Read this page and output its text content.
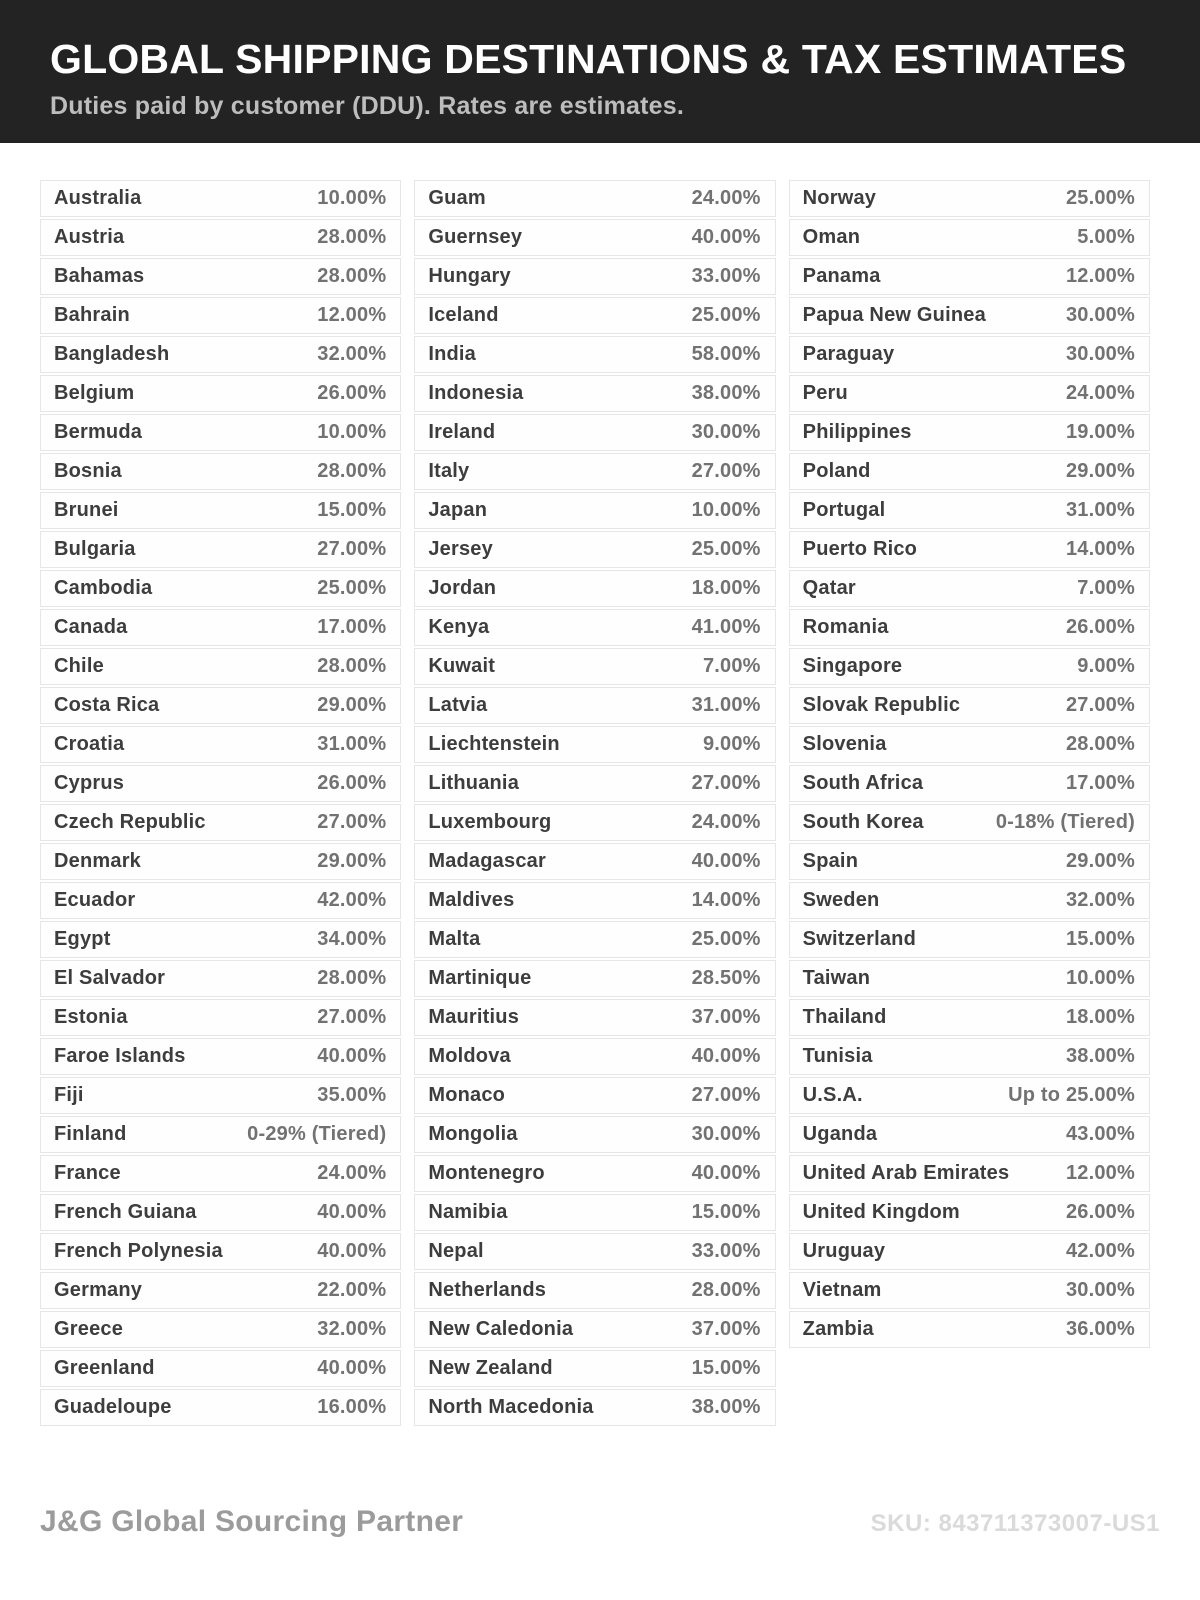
GLOBAL SHIPPING DESTINATIONS & TAX ESTIMATES
Duties paid by customer (DDU). Rates are estimates.
Australia	10.00%
Austria	28.00%
Bahamas	28.00%
Bahrain	12.00%
Bangladesh	32.00%
Belgium	26.00%
Bermuda	10.00%
Bosnia	28.00%
Brunei	15.00%
Bulgaria	27.00%
Cambodia	25.00%
Canada	17.00%
Chile	28.00%
Costa Rica	29.00%
Croatia	31.00%
Cyprus	26.00%
Czech Republic	27.00%
Denmark	29.00%
Ecuador	42.00%
Egypt	34.00%
El Salvador	28.00%
Estonia	27.00%
Faroe Islands	40.00%
Fiji	35.00%
Finland	0-29% (Tiered)
France	24.00%
French Guiana	40.00%
French Polynesia	40.00%
Germany	22.00%
Greece	32.00%
Greenland	40.00%
Guadeloupe	16.00%
Guam	24.00%
Guernsey	40.00%
Hungary	33.00%
Iceland	25.00%
India	58.00%
Indonesia	38.00%
Ireland	30.00%
Italy	27.00%
Japan	10.00%
Jersey	25.00%
Jordan	18.00%
Kenya	41.00%
Kuwait	7.00%
Latvia	31.00%
Liechtenstein	9.00%
Lithuania	27.00%
Luxembourg	24.00%
Madagascar	40.00%
Maldives	14.00%
Malta	25.00%
Martinique	28.50%
Mauritius	37.00%
Moldova	40.00%
Monaco	27.00%
Mongolia	30.00%
Montenegro	40.00%
Namibia	15.00%
Nepal	33.00%
Netherlands	28.00%
New Caledonia	37.00%
New Zealand	15.00%
North Macedonia	38.00%
Norway	25.00%
Oman	5.00%
Panama	12.00%
Papua New Guinea	30.00%
Paraguay	30.00%
Peru	24.00%
Philippines	19.00%
Poland	29.00%
Portugal	31.00%
Puerto Rico	14.00%
Qatar	7.00%
Romania	26.00%
Singapore	9.00%
Slovak Republic	27.00%
Slovenia	28.00%
South Africa	17.00%
South Korea	0-18% (Tiered)
Spain	29.00%
Sweden	32.00%
Switzerland	15.00%
Taiwan	10.00%
Thailand	18.00%
Tunisia	38.00%
U.S.A.	Up to 25.00%
Uganda	43.00%
United Arab Emirates	12.00%
United Kingdom	26.00%
Uruguay	42.00%
Vietnam	30.00%
Zambia	36.00%
J&G Global Sourcing Partner	SKU: 843711373007-US1
